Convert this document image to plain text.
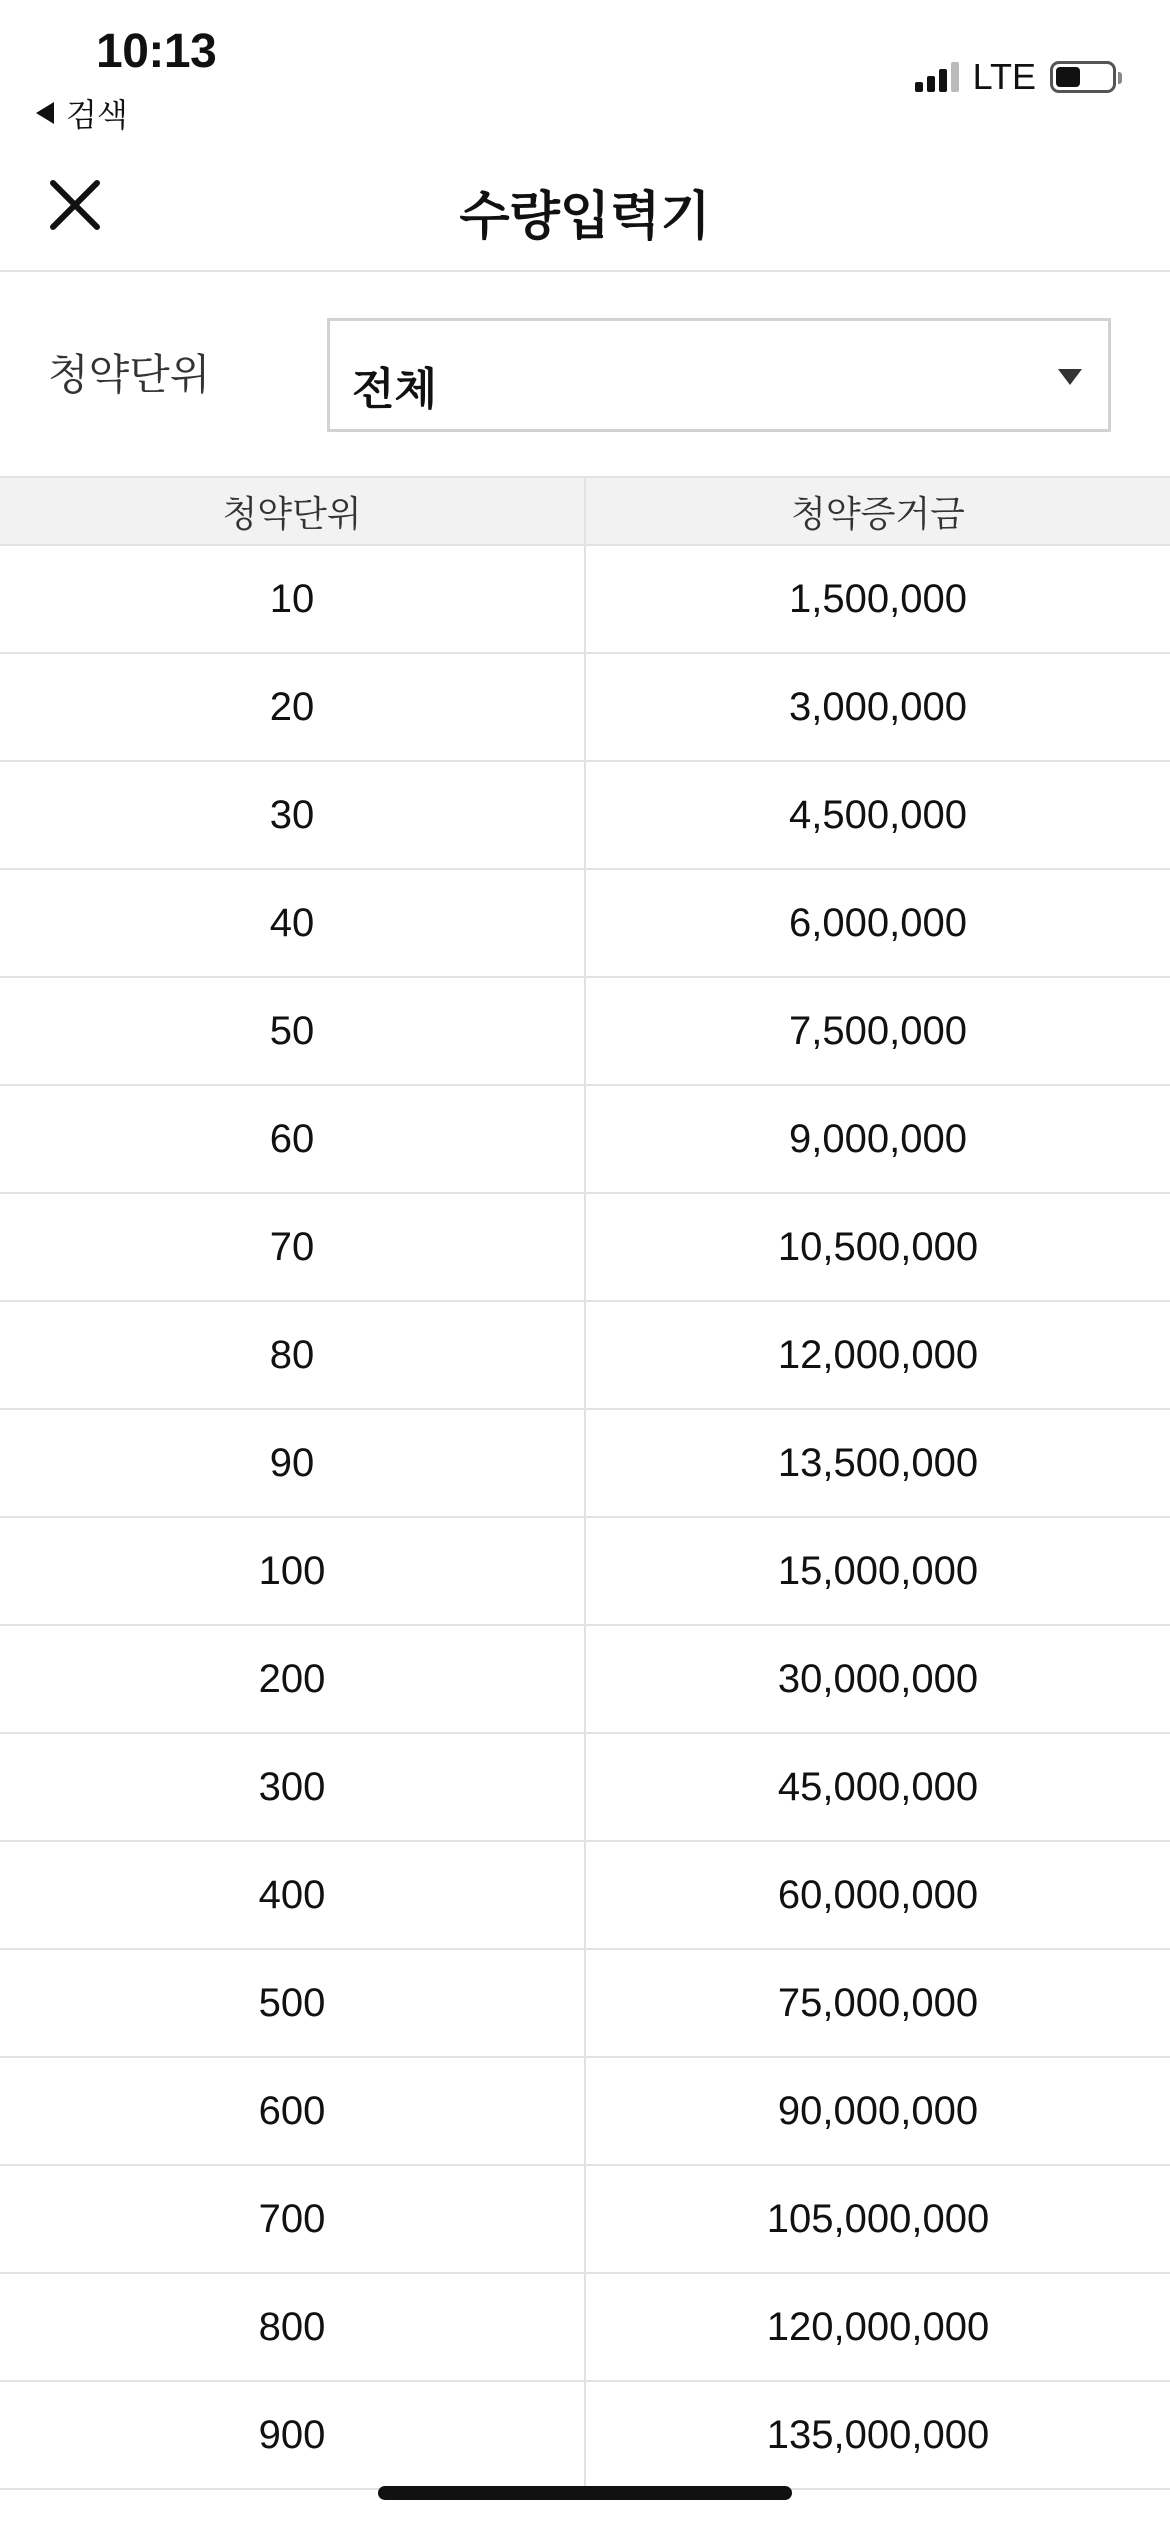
10:13
검색
LTE
수량입력기
청약단위	전체
청약단위	청약증거금
10	1,500,000
20	3,000,000
30	4,500,000
40	6,000,000
50	7,500,000
60	9,000,000
70	10,500,000
80	12,000,000
90	13,500,000
100	15,000,000
200	30,000,000
300	45,000,000
400	60,000,000
500	75,000,000
600	90,000,000
700	105,000,000
800	120,000,000
900	135,000,000
